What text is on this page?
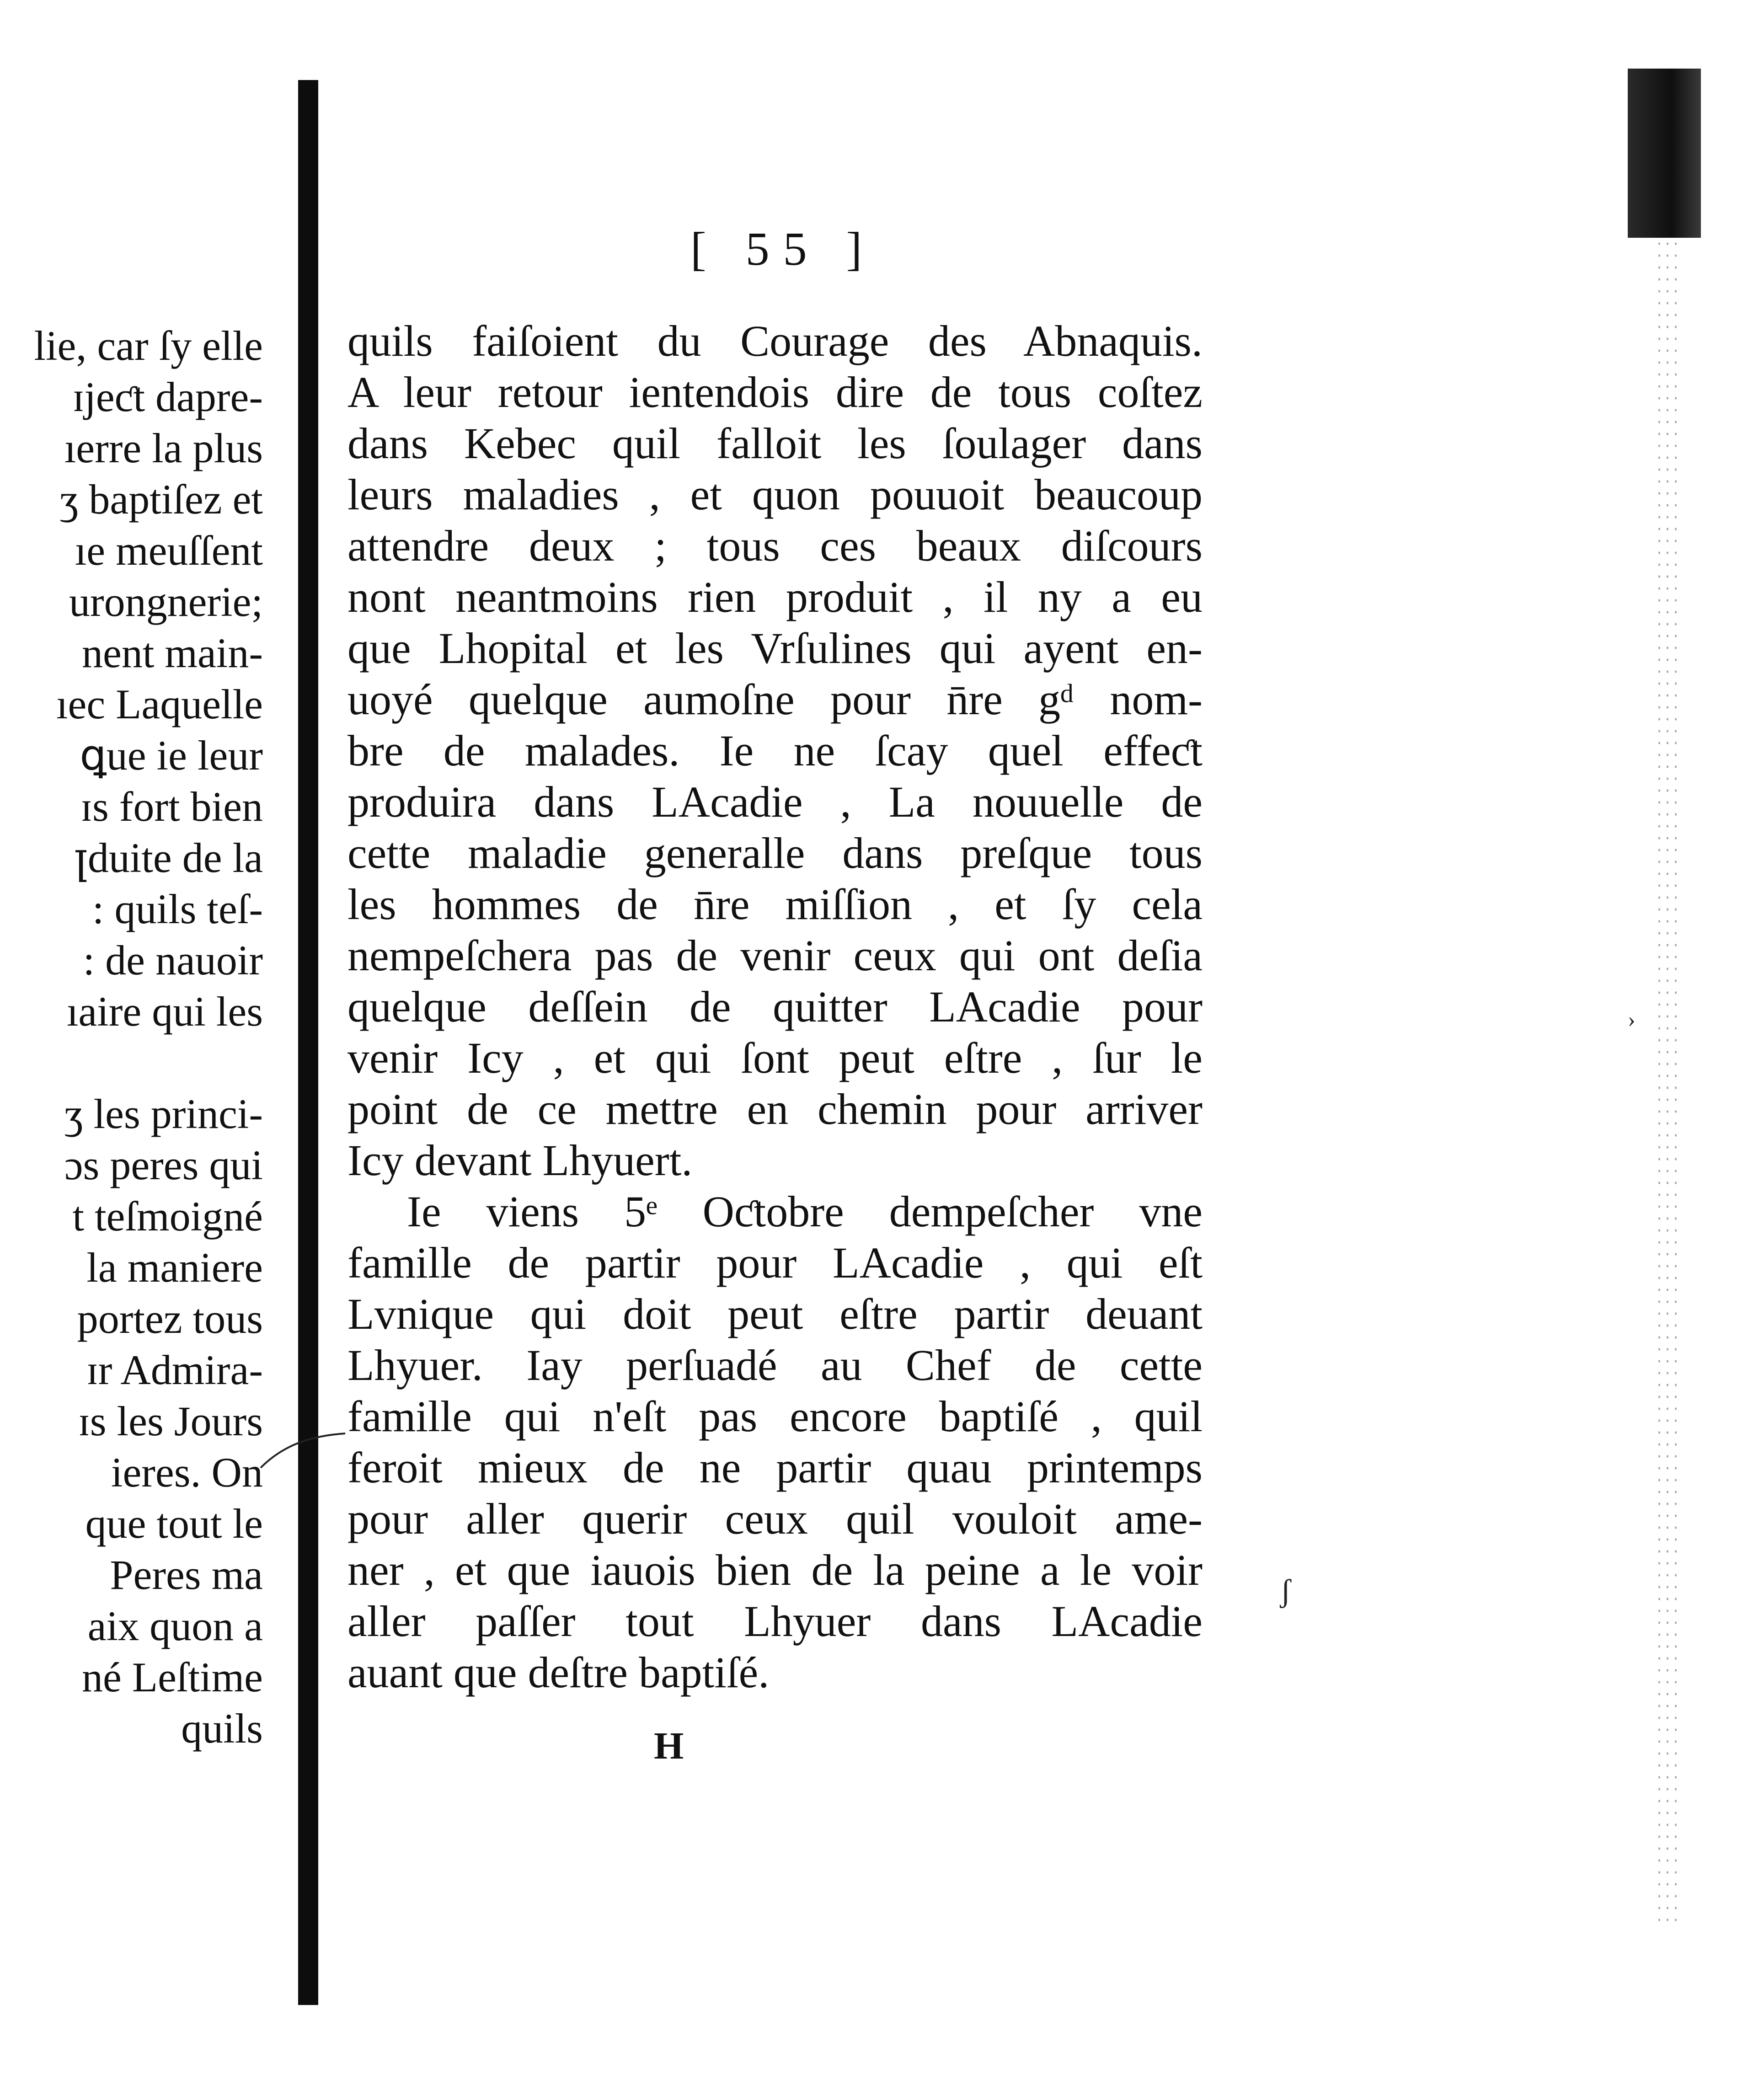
lie, car ſy elle
ɪjeƈt dapre-
ıerre la plus
ʒ baptiſez et
ıe meuſſent
urongnerie;
nent main-
ıec Laquelle
ꝗue ie leur
ɪs fort bien
ꞁduite de la
: quils teſ-
: de nauoir
ıaire qui les
ʒ les princi-
ɔs peres qui
t teſmoigné
la maniere
portez tous
ɪr Admira-
ɪs les Jours
ieres. On
que tout le
Peres ma
aix quon a
né Leſtime
quils
[ 55 ]
quils faiſoient du Courage des Abnaquis.
A leur retour ientendois dire de tous coſtez
dans Kebec quil falloit les ſoulager dans
leurs maladies , et quon pouuoit beaucoup
attendre deux ; tous ces beaux diſcours
nont neantmoins rien produit , il ny a eu
que Lhopital et les Vrſulines qui ayent en-
uoyé quelque aumoſne pour n̄re gᵈ nom-
bre de malades. Ie ne ſcay quel effeƈt
produira dans LAcadie , La nouuelle de
cette maladie generalle dans preſque tous
les hommes de n̄re miſſion , et ſy cela
nempeſchera pas de venir ceux qui ont deſia
quelque deſſein de quitter LAcadie pour
venir Icy , et qui ſont peut eſtre , ſur le
point de ce mettre en chemin pour arriver
Icy devant Lhyuert.
Ie viens 5ᵉ Oƈtobre dempeſcher vne
famille de partir pour LAcadie , qui eſt
Lvnique qui doit peut eſtre partir deuant
Lhyuer. Iay perſuadé au Chef de cette
famille qui n'eſt pas encore baptiſé , quil
feroit mieux de ne partir quau printemps
pour aller querir ceux quil vouloit ame-
ner , et que iauois bien de la peine a le voir
aller paſſer tout Lhyuer dans LAcadie
auant que deſtre baptiſé.
H
ʃ
›
